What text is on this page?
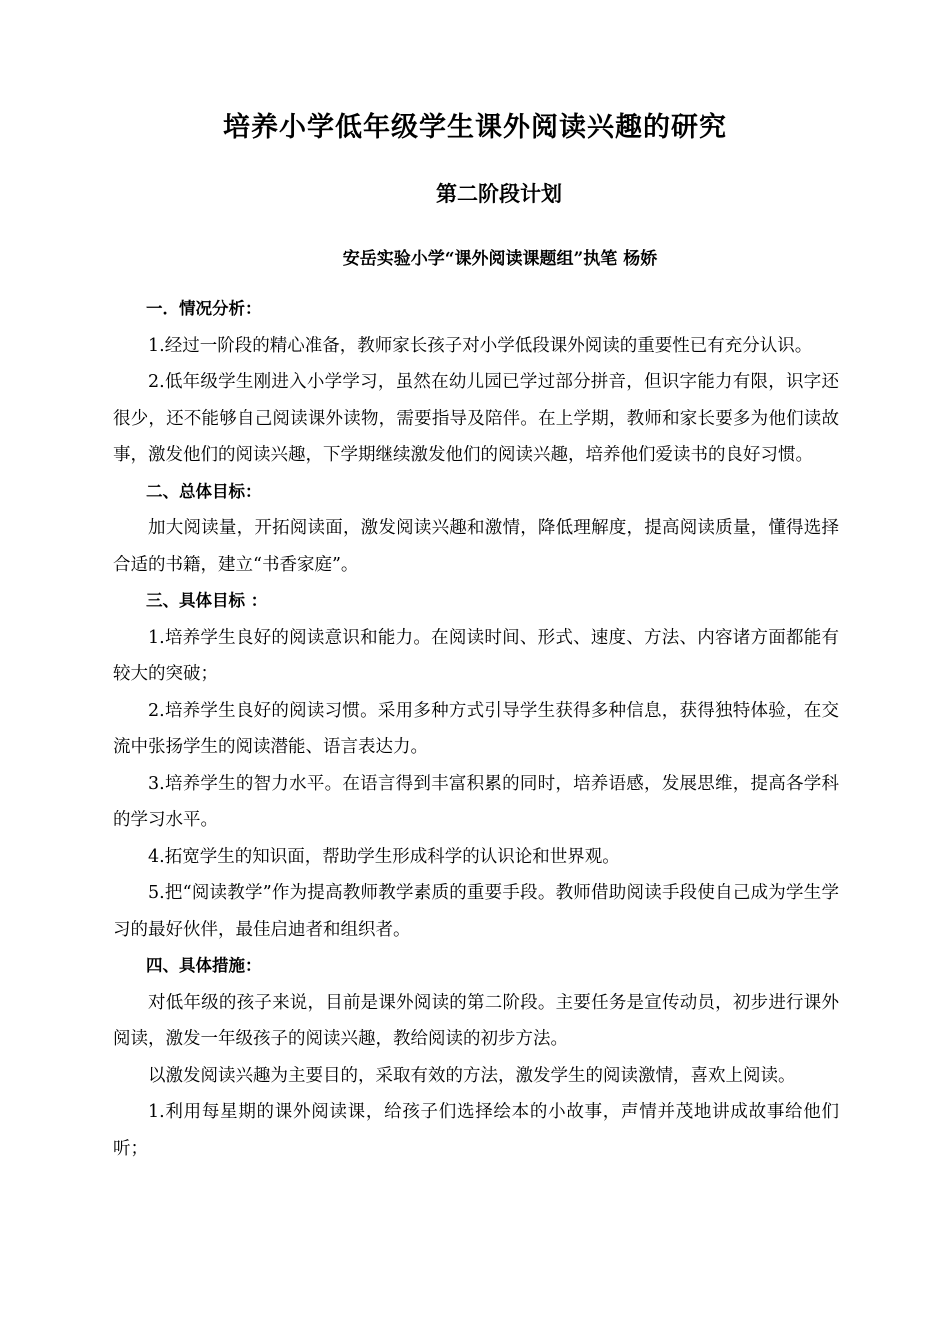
培养小学低年级学生课外阅读兴趣的研究
第二阶段计划
安岳实验小学“课外阅读课题组”执笔 杨娇

一．情况分析：

1.经过一阶段的精心准备，教师家长孩子对小学低段课外阅读的重要性已有充分认识。

2.低年级学生刚进入小学学习，虽然在幼儿园已学过部分拼音，但识字能力有限，识字还很少，还不能够自己阅读课外读物，需要指导及陪伴。在上学期，教师和家长要多为他们读故事，激发他们的阅读兴趣，下学期继续激发他们的阅读兴趣，培养他们爱读书的良好习惯。

二、总体目标：

加大阅读量，开拓阅读面，激发阅读兴趣和激情，降低理解度，提高阅读质量，懂得选择合适的书籍，建立“书香家庭”。

三、具体目标 ：

1.培养学生良好的阅读意识和能力。在阅读时间、形式、速度、方法、内容诸方面都能有较大的突破；

2.培养学生良好的阅读习惯。采用多种方式引导学生获得多种信息，获得独特体验，在交流中张扬学生的阅读潜能、语言表达力。

3.培养学生的智力水平。在语言得到丰富积累的同时，培养语感，发展思维，提高各学科的学习水平。

4.拓宽学生的知识面，帮助学生形成科学的认识论和世界观。

5.把“阅读教学”作为提高教师教学素质的重要手段。教师借助阅读手段使自己成为学生学习的最好伙伴，最佳启迪者和组织者。

四、具体措施：

对低年级的孩子来说，目前是课外阅读的第二阶段。主要任务是宣传动员，初步进行课外阅读，激发一年级孩子的阅读兴趣，教给阅读的初步方法。

以激发阅读兴趣为主要目的，采取有效的方法，激发学生的阅读激情，喜欢上阅读。

1.利用每星期的课外阅读课，给孩子们选择绘本的小故事，声情并茂地讲成故事给他们听；
